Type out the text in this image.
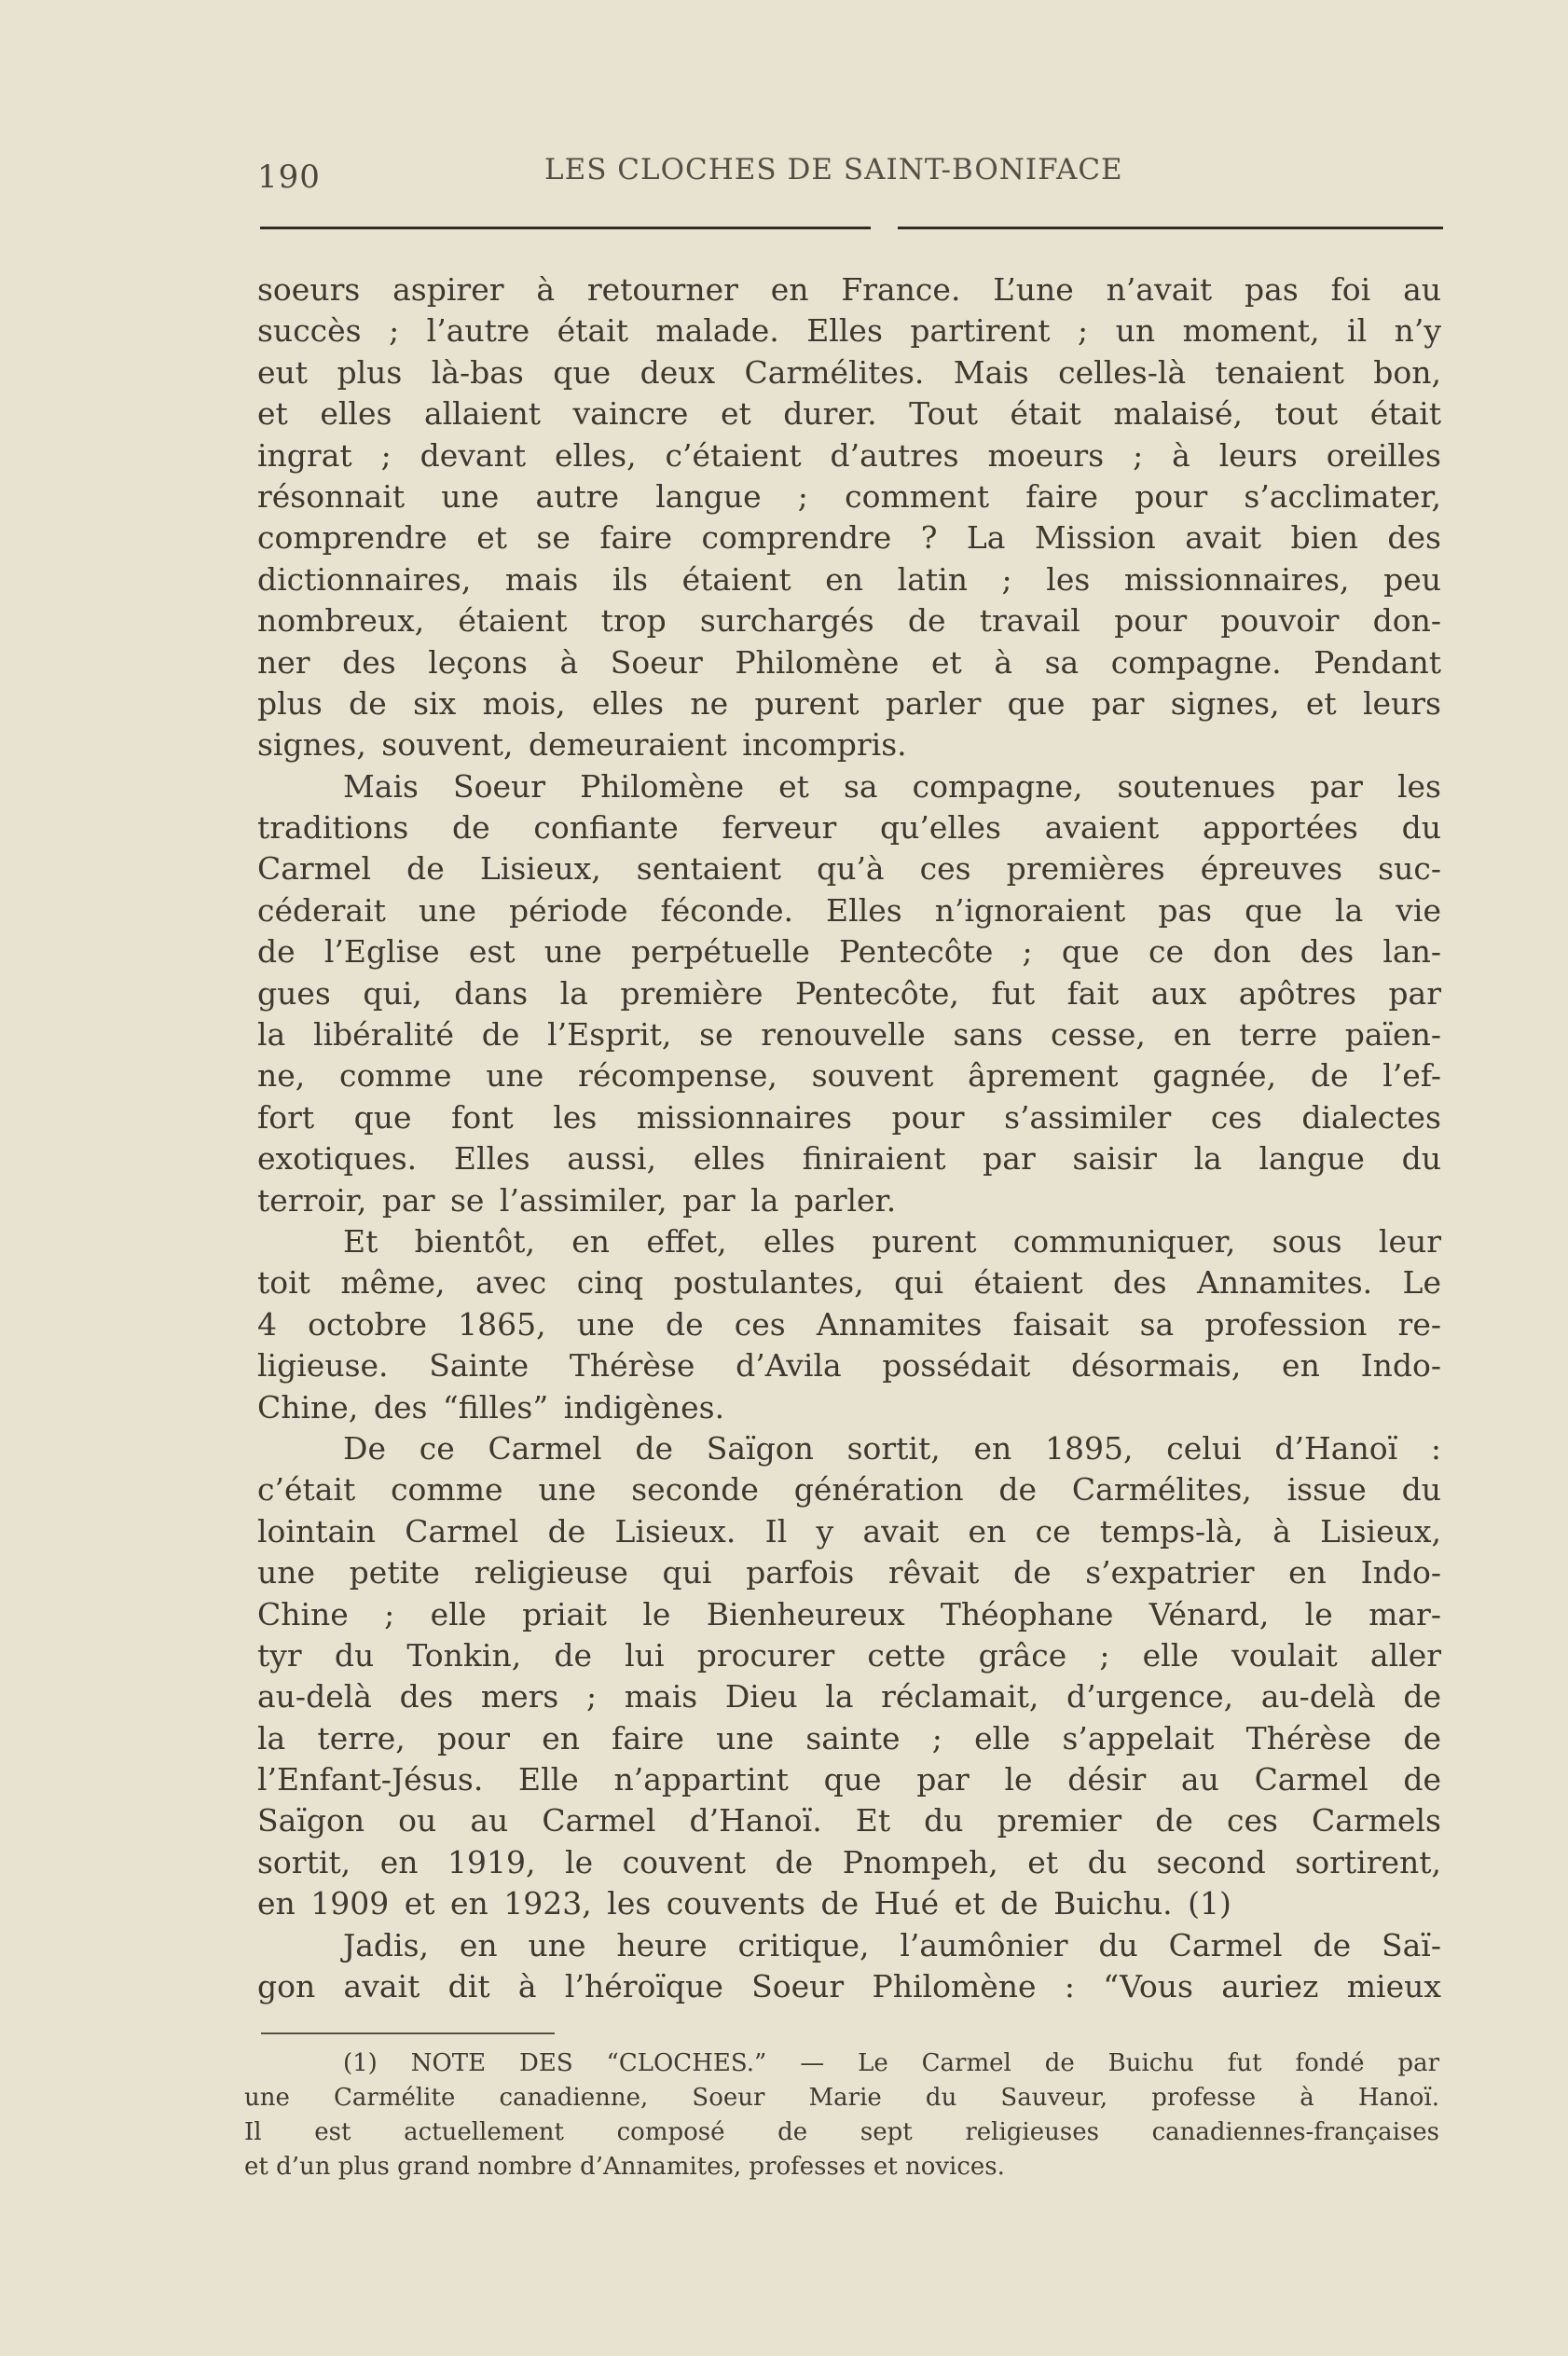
190	LES CLOCHES DE SAINT-BONIFACE
soeurs aspirer à retourner en France. L’une n’avait pas foi au
succès ; l’autre était malade. Elles partirent ; un moment, il n’y
eut plus là-bas que deux Carmélites. Mais celles-là tenaient bon,
et elles allaient vaincre et durer. Tout était malaisé, tout était
ingrat ; devant elles, c’étaient d’autres moeurs ; à leurs oreilles
résonnait une autre langue ; comment faire pour s’acclimater,
comprendre et se faire comprendre ? La Mission avait bien des
dictionnaires, mais ils étaient en latin ; les missionnaires, peu
nombreux, étaient trop surchargés de travail pour pouvoir don-
ner des leçons à Soeur Philomène et à sa compagne. Pendant
plus de six mois, elles ne purent parler que par signes, et leurs
signes, souvent, demeuraient incompris.
Mais Soeur Philomène et sa compagne, soutenues par les
traditions de confiante ferveur qu’elles avaient apportées du
Carmel de Lisieux, sentaient qu’à ces premières épreuves suc-
céderait une période féconde. Elles n’ignoraient pas que la vie
de l’Eglise est une perpétuelle Pentecôte ; que ce don des lan-
gues qui, dans la première Pentecôte, fut fait aux apôtres par
la libéralité de l’Esprit, se renouvelle sans cesse, en terre païen-
ne, comme une récompense, souvent âprement gagnée, de l’ef-
fort que font les missionnaires pour s’assimiler ces dialectes
exotiques. Elles aussi, elles finiraient par saisir la langue du
terroir, par se l’assimiler, par la parler.
Et bientôt, en effet, elles purent communiquer, sous leur
toit même, avec cinq postulantes, qui étaient des Annamites. Le
4 octobre 1865, une de ces Annamites faisait sa profession re-
ligieuse. Sainte Thérèse d’Avila possédait désormais, en Indo-
Chine, des “filles” indigènes.
De ce Carmel de Saïgon sortit, en 1895, celui d’Hanoï :
c’était comme une seconde génération de Carmélites, issue du
lointain Carmel de Lisieux. Il y avait en ce temps-là, à Lisieux,
une petite religieuse qui parfois rêvait de s’expatrier en Indo-
Chine ; elle priait le Bienheureux Théophane Vénard, le mar-
tyr du Tonkin, de lui procurer cette grâce ; elle voulait aller
au-delà des mers ; mais Dieu la réclamait, d’urgence, au-delà de
la terre, pour en faire une sainte ; elle s’appelait Thérèse de
l’Enfant-Jésus. Elle n’appartint que par le désir au Carmel de
Saïgon ou au Carmel d’Hanoï. Et du premier de ces Carmels
sortit, en 1919, le couvent de Pnompeh, et du second sortirent,
en 1909 et en 1923, les couvents de Hué et de Buichu. (1)
Jadis, en une heure critique, l’aumônier du Carmel de Saï-
gon avait dit à l’héroïque Soeur Philomène : “Vous auriez mieux
(1) NOTE DES “CLOCHES.” — Le Carmel de Buichu fut fondé par
une Carmélite canadienne, Soeur Marie du Sauveur, professe à Hanoï.
Il est actuellement composé de sept religieuses canadiennes-françaises
et d’un plus grand nombre d’Annamites, professes et novices.
